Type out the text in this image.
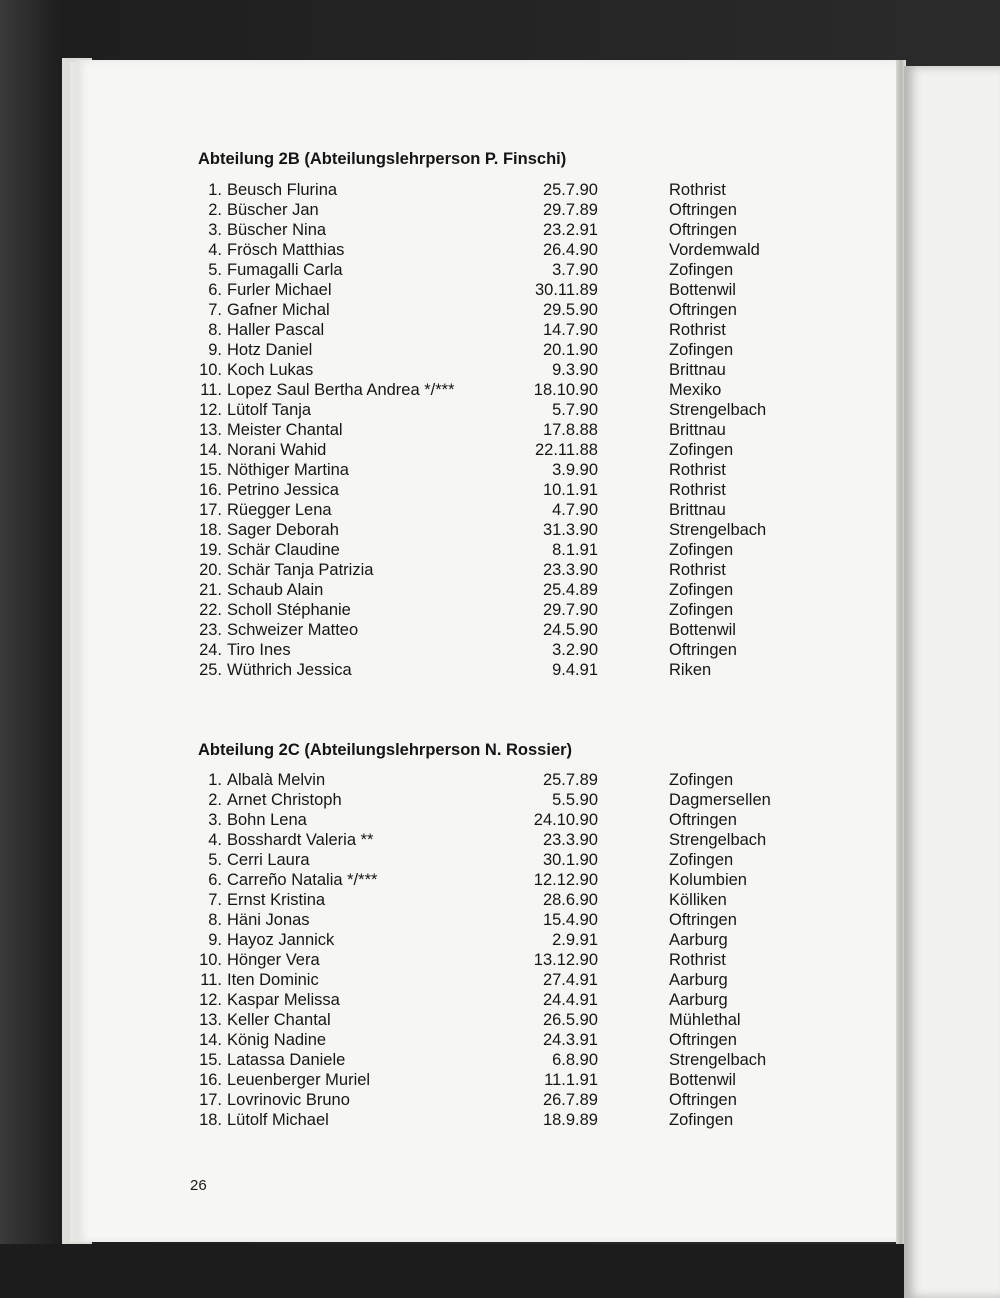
Abteilung 2B (Abteilungslehrperson P. Finschi)
1. Beusch Flurina	25.7.90	Rothrist
2. Büscher Jan	29.7.89	Oftringen
3. Büscher Nina	23.2.91	Oftringen
4. Frösch Matthias	26.4.90	Vordemwald
5. Fumagalli Carla	3.7.90	Zofingen
6. Furler Michael	30.11.89	Bottenwil
7. Gafner Michal	29.5.90	Oftringen
8. Haller Pascal	14.7.90	Rothrist
9. Hotz Daniel	20.1.90	Zofingen
10. Koch Lukas	9.3.90	Brittnau
11. Lopez Saul Bertha Andrea */***	18.10.90	Mexiko
12. Lütolf Tanja	5.7.90	Strengelbach
13. Meister Chantal	17.8.88	Brittnau
14. Norani Wahid	22.11.88	Zofingen
15. Nöthiger Martina	3.9.90	Rothrist
16. Petrino Jessica	10.1.91	Rothrist
17. Rüegger Lena	4.7.90	Brittnau
18. Sager Deborah	31.3.90	Strengelbach
19. Schär Claudine	8.1.91	Zofingen
20. Schär Tanja Patrizia	23.3.90	Rothrist
21. Schaub Alain	25.4.89	Zofingen
22. Scholl Stéphanie	29.7.90	Zofingen
23. Schweizer Matteo	24.5.90	Bottenwil
24. Tiro Ines	3.2.90	Oftringen
25. Wüthrich Jessica	9.4.91	Riken
Abteilung 2C (Abteilungslehrperson N. Rossier)
1. Albalà Melvin	25.7.89	Zofingen
2. Arnet Christoph	5.5.90	Dagmersellen
3. Bohn Lena	24.10.90	Oftringen
4. Bosshardt Valeria **	23.3.90	Strengelbach
5. Cerri Laura	30.1.90	Zofingen
6. Carreño Natalia */***	12.12.90	Kolumbien
7. Ernst Kristina	28.6.90	Kölliken
8. Häni Jonas	15.4.90	Oftringen
9. Hayoz Jannick	2.9.91	Aarburg
10. Hönger Vera	13.12.90	Rothrist
11. Iten Dominic	27.4.91	Aarburg
12. Kaspar Melissa	24.4.91	Aarburg
13. Keller Chantal	26.5.90	Mühlethal
14. König Nadine	24.3.91	Oftringen
15. Latassa Daniele	6.8.90	Strengelbach
16. Leuenberger Muriel	11.1.91	Bottenwil
17. Lovrinovic Bruno	26.7.89	Oftringen
18. Lütolf Michael	18.9.89	Zofingen
26
